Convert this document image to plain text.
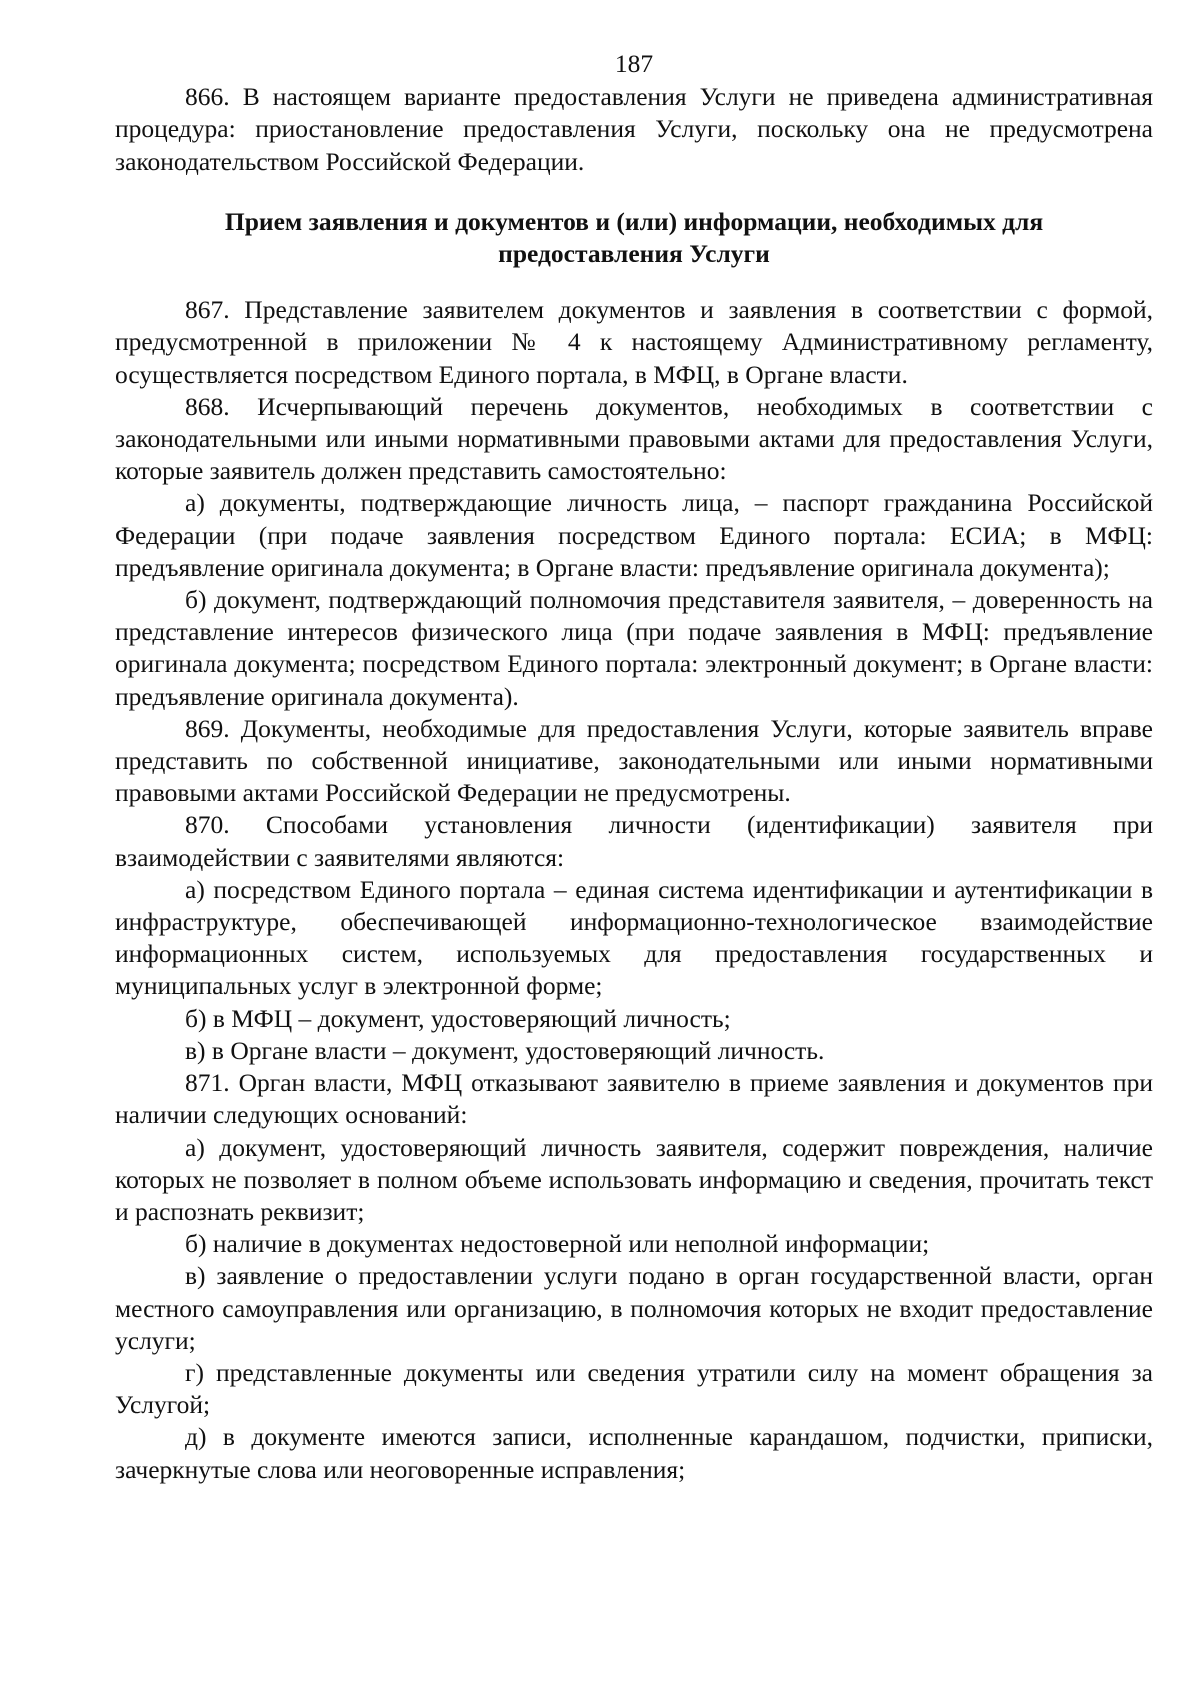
187

866. В настоящем варианте предоставления Услуги не приведена административная процедура: приостановление предоставления Услуги, поскольку она не предусмотрена законодательством Российской Федерации.

Прием заявления и документов и (или) информации, необходимых для предоставления Услуги

867. Представление заявителем документов и заявления в соответствии с формой, предусмотренной в приложении № 4 к настоящему Административному регламенту, осуществляется посредством Единого портала, в МФЦ, в Органе власти.

868. Исчерпывающий перечень документов, необходимых в соответствии с законодательными или иными нормативными правовыми актами для предоставления Услуги, которые заявитель должен представить самостоятельно:

а) документы, подтверждающие личность лица, – паспорт гражданина Российской Федерации (при подаче заявления посредством Единого портала: ЕСИА; в МФЦ: предъявление оригинала документа; в Органе власти: предъявление оригинала документа);

б) документ, подтверждающий полномочия представителя заявителя, – доверенность на представление интересов физического лица (при подаче заявления в МФЦ: предъявление оригинала документа; посредством Единого портала: электронный документ; в Органе власти: предъявление оригинала документа).

869. Документы, необходимые для предоставления Услуги, которые заявитель вправе представить по собственной инициативе, законодательными или иными нормативными правовыми актами Российской Федерации не предусмотрены.

870. Способами установления личности (идентификации) заявителя при взаимодействии с заявителями являются:

а) посредством Единого портала – единая система идентификации и аутентификации в инфраструктуре, обеспечивающей информационно-технологическое взаимодействие информационных систем, используемых для предоставления государственных и муниципальных услуг в электронной форме;

б) в МФЦ – документ, удостоверяющий личность;

в) в Органе власти – документ, удостоверяющий личность.

871. Орган власти, МФЦ отказывают заявителю в приеме заявления и документов при наличии следующих оснований:

а) документ, удостоверяющий личность заявителя, содержит повреждения, наличие которых не позволяет в полном объеме использовать информацию и сведения, прочитать текст и распознать реквизит;

б) наличие в документах недостоверной или неполной информации;

в) заявление о предоставлении услуги подано в орган государственной власти, орган местного самоуправления или организацию, в полномочия которых не входит предоставление услуги;

г) представленные документы или сведения утратили силу на момент обращения за Услугой;

д) в документе имеются записи, исполненные карандашом, подчистки, приписки, зачеркнутые слова или неоговоренные исправления;
